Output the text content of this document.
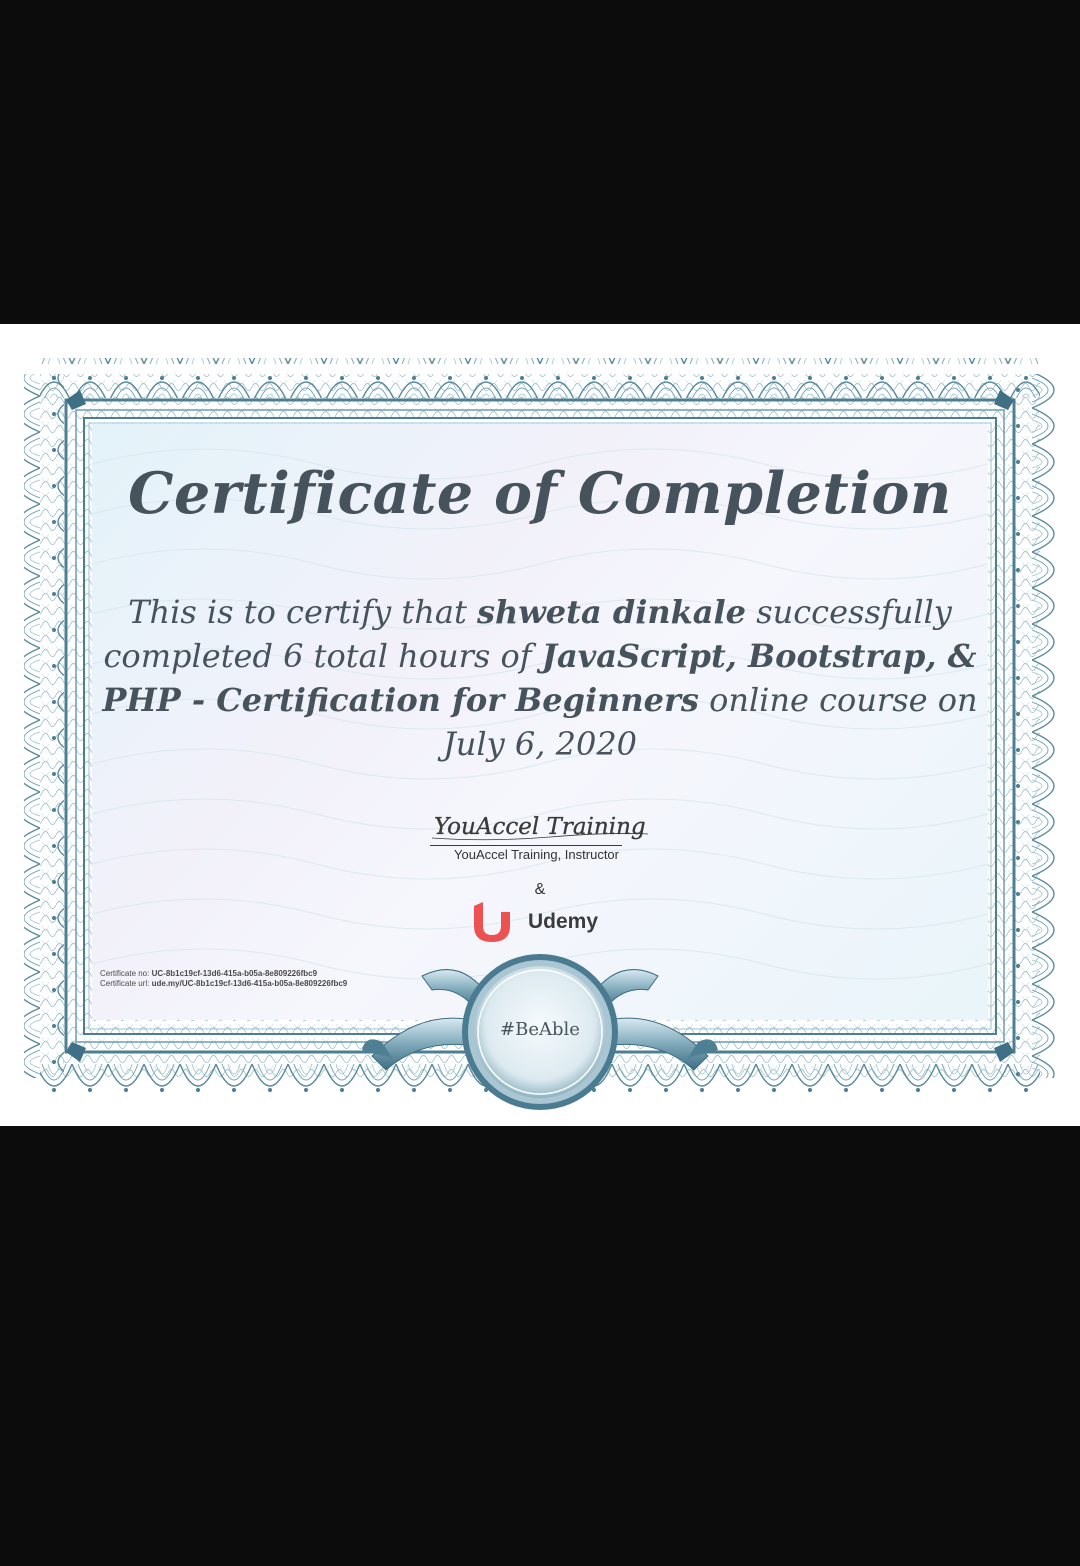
Certificate of Completion
This is to certify that shweta dinkale successfully completed 6 total hours of JavaScript, Bootstrap, & PHP - Certification for Beginners online course on July 6, 2020
YouAccel Training
YouAccel Training, Instructor
&
Udemy
Certificate no: UC-8b1c19cf-13d6-415a-b05a-8e809226fbc9
Certificate url: ude.my/UC-8b1c19cf-13d6-415a-b05a-8e809226fbc9
#BeAble
